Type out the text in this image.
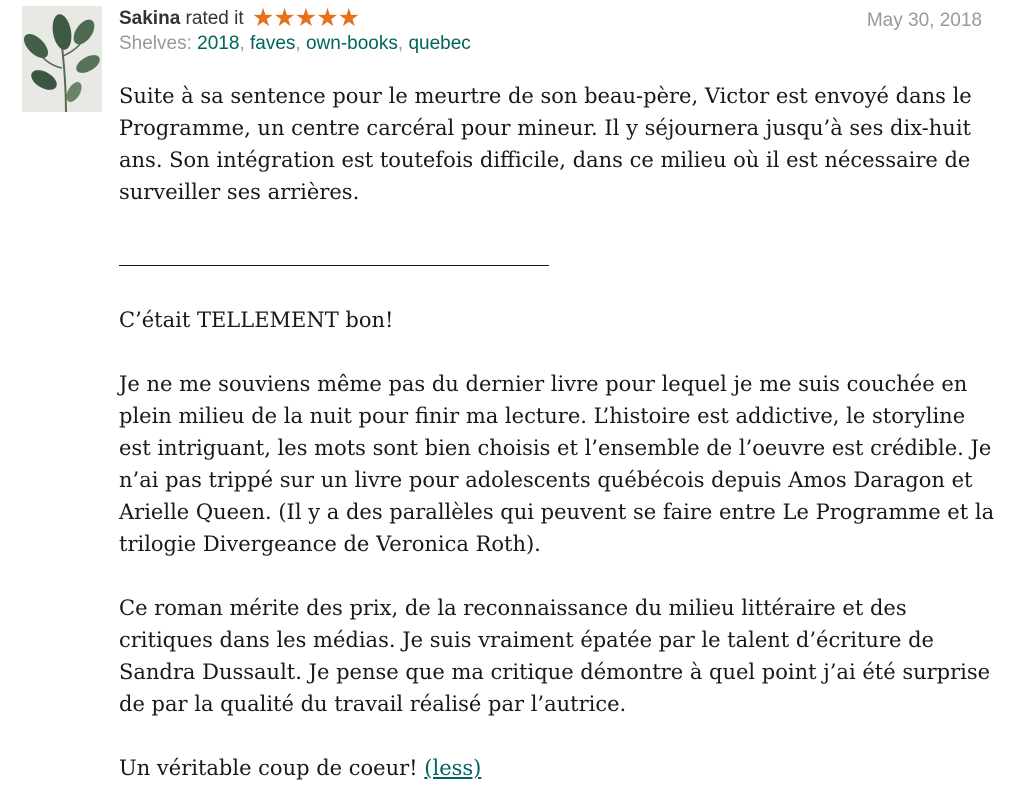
Sakina rated it ★★★★★
Shelves: 2018, faves, own-books, quebec
May 30, 2018

Suite à sa sentence pour le meurtre de son beau-père, Victor est envoyé dans le Programme, un centre carcéral pour mineur. Il y séjournera jusqu’à ses dix-huit ans. Son intégration est toutefois difficile, dans ce milieu où il est nécessaire de surveiller ses arrières.

C’était TELLEMENT bon!

Je ne me souviens même pas du dernier livre pour lequel je me suis couchée en plein milieu de la nuit pour finir ma lecture. L’histoire est addictive, le storyline est intriguant, les mots sont bien choisis et l’ensemble de l’oeuvre est crédible. Je n’ai pas trippé sur un livre pour adolescents québécois depuis Amos Daragon et Arielle Queen. (Il y a des parallèles qui peuvent se faire entre Le Programme et la trilogie Divergeance de Veronica Roth).

Ce roman mérite des prix, de la reconnaissance du milieu littéraire et des critiques dans les médias. Je suis vraiment épatée par le talent d’écriture de Sandra Dussault. Je pense que ma critique démontre à quel point j’ai été surprise de par la qualité du travail réalisé par l’autrice.

Un véritable coup de coeur! (less)
